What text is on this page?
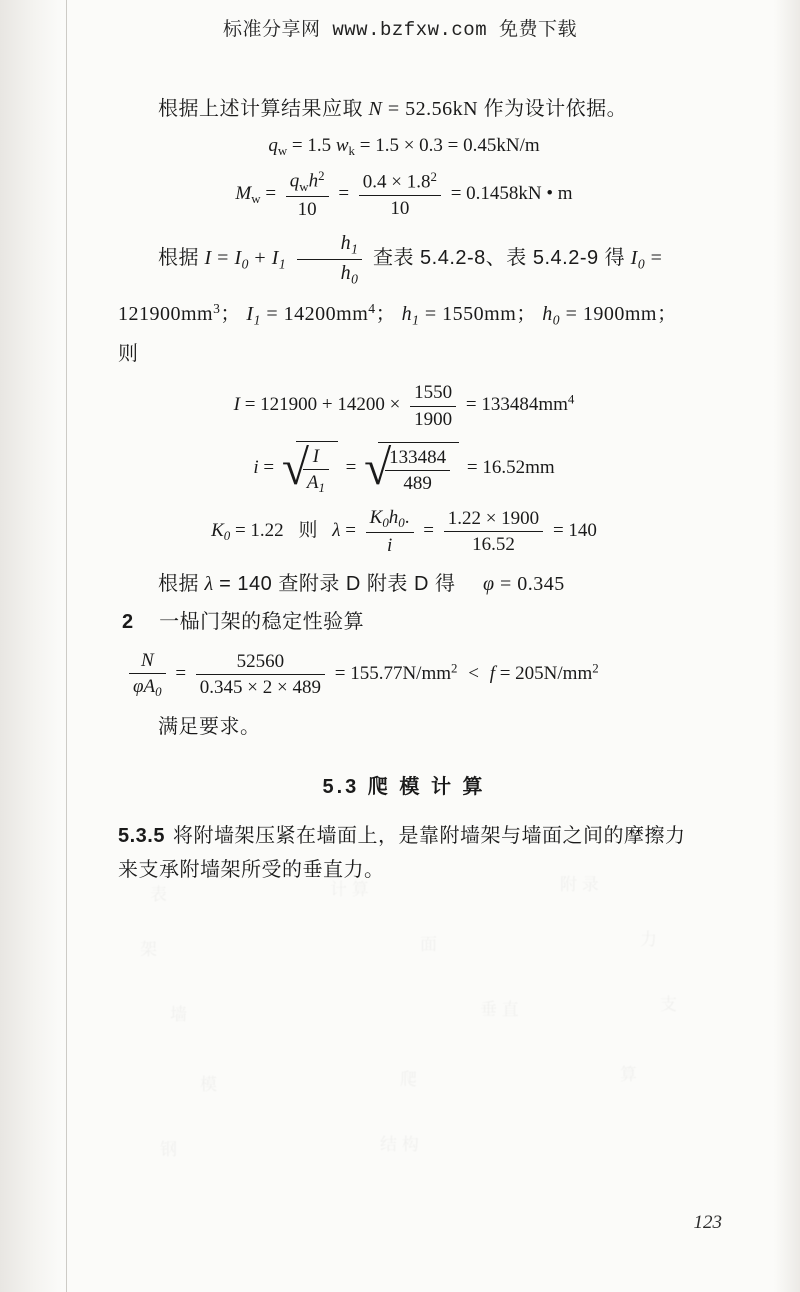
标准分享网 www.bzfxw.com 免费下载

根据上述计算结果应取 N = 52.56kN 作为设计依据。

$q_w = 1.5$ $w_k = 1.5 \times 0.3 = 0.45kN/m$
$M_w = \frac{q_wh^2}{10} = \frac{0.4 \times 1.8^2}{10} = 0.1458kN$ • m

根据 $I = I_0 + I_1 \frac{h_1}{h_0}$ 查表 5.4.2-8、表 5.4.2-9 得 $I_0$ =

$121900mm^3$； $I_1 = 14200mm^4$； $h_1 = 1550mm$； $h_0 = 1900mm$；则

$I = 121900 + 14200 \times \frac{1550}{1900} = 133484mm^4$
i = √
$\frac{I}{A_1}$ = √
$\frac{133484}{489} = 16.52mm$
$K_0 = 1.22$ 则 $\lambda = \frac{K_0h_0.}{i} = \frac{1.22 \times 1900}{16.52} = 140$

根据 λ = 140 查附录 D 附表 D 得 φ = 0.345

2 一榀门架的稳定性验算

$\frac{N}{\varphi A_0} = \frac{52560}{0.345 \times 2 \times 489} = 155.77N/mm^2 < f = 205N/mm^2$

满足要求。

5.3 爬 模 计 算

5.3.5 将附墙架压紧在墙面上，是靠附墙架与墙面之间的摩擦力来支承附墙架所受的垂直力。

表	计 算	附 录
架	面	力
墙	垂 直	支
模	爬	算
钢	结 构
123
